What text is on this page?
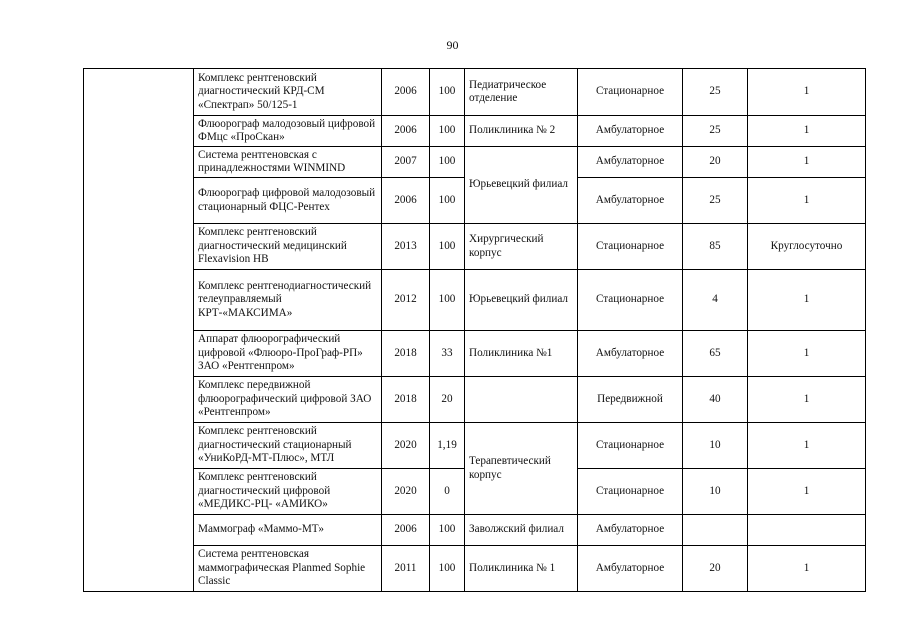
90
	Комплекс рентгеновский диагностический КРД-СМ «Спектрап» 50/125-1	2006	100	Педиатрическое отделение	Стационарное	25	1
	Флюорограф малодозовый цифровой ФМцс «ПроСкан»	2006	100	Поликлиника № 2	Амбулаторное	25	1
	Система рентгеновская с принадлежностями WINMIND	2007	100	Юрьевецкий филиал	Амбулаторное	20	1
	Флюорограф цифровой малодозовый стационарный ФЦС-Рентех	2006	100		Амбулаторное	25	1
	Комплекс рентгеновский диагностический медицинский Flexavision HB	2013	100	Хирургический корпус	Стационарное	85	Круглосуточно
	Комплекс рентгенодиагностический телеуправляемый КРТ-«МАКСИМА»	2012	100	Юрьевецкий филиал	Стационарное	4	1
	Аппарат флюорографический цифровой «Флюоро-ПроГраф-РП» ЗАО «Рентгенпром»	2018	33	Поликлиника №1	Амбулаторное	65	1
	Комплекс передвижной флюорографический цифровой ЗАО «Рентгенпром»	2018	20		Передвижной	40	1
	Комплекс рентгеновский диагностический стационарный «УниКоРД-МТ-Плюс», МТЛ	2020	1,19	Терапевтический корпус	Стационарное	10	1
	Комплекс рентгеновский диагностический цифровой «МЕДИКС-РЦ- «АМИКО»	2020	0		Стационарное	10	1
	Маммограф «Маммо-МТ»	2006	100	Заволжский филиал	Амбулаторное		
	Система рентгеновская маммографическая Planmed Sophie Classic	2011	100	Поликлиника № 1	Амбулаторное	20	1
